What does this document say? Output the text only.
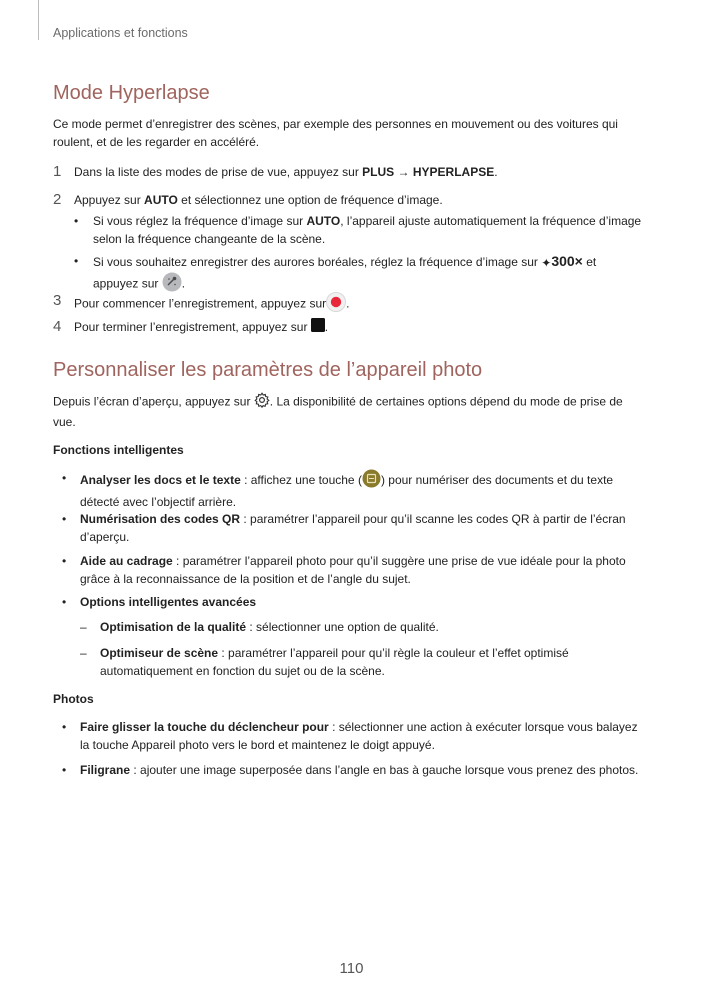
Applications et fonctions
Mode Hyperlapse
Ce mode permet d’enregistrer des scènes, par exemple des personnes en mouvement ou des voitures qui roulent, et de les regarder en accéléré.
1 Dans la liste des modes de prise de vue, appuyez sur PLUS → HYPERLAPSE.
2 Appuyez sur AUTO et sélectionnez une option de fréquence d’image.
• Si vous réglez la fréquence d’image sur AUTO, l’appareil ajuste automatiquement la fréquence d’image selon la fréquence changeante de la scène.
• Si vous souhaitez enregistrer des aurores boréales, réglez la fréquence d’image sur ✦300× et
appuyez sur .
3 Pour commencer l’enregistrement, appuyez sur .
4 Pour terminer l’enregistrement, appuyez sur .
Personnaliser les paramètres de l’appareil photo
Depuis l’écran d’aperçu, appuyez sur . La disponibilité de certaines options dépend du mode de prise de vue.
Fonctions intelligentes
• Analyser les docs et le texte : affichez une touche ( ) pour numériser des documents et du texte détecté avec l’objectif arrière.
• Numérisation des codes QR : paramétrer l’appareil pour qu’il scanne les codes QR à partir de l’écran d’aperçu.
• Aide au cadrage : paramétrer l’appareil photo pour qu’il suggère une prise de vue idéale pour la photo grâce à la reconnaissance de la position et de l’angle du sujet.
• Options intelligentes avancées
– Optimisation de la qualité : sélectionner une option de qualité.
– Optimiseur de scène : paramétrer l’appareil pour qu’il règle la couleur et l’effet optimisé automatiquement en fonction du sujet ou de la scène.
Photos
• Faire glisser la touche du déclencheur pour : sélectionner une action à exécuter lorsque vous balayez la touche Appareil photo vers le bord et maintenez le doigt appuyé.
• Filigrane : ajouter une image superposée dans l’angle en bas à gauche lorsque vous prenez des photos.
110
